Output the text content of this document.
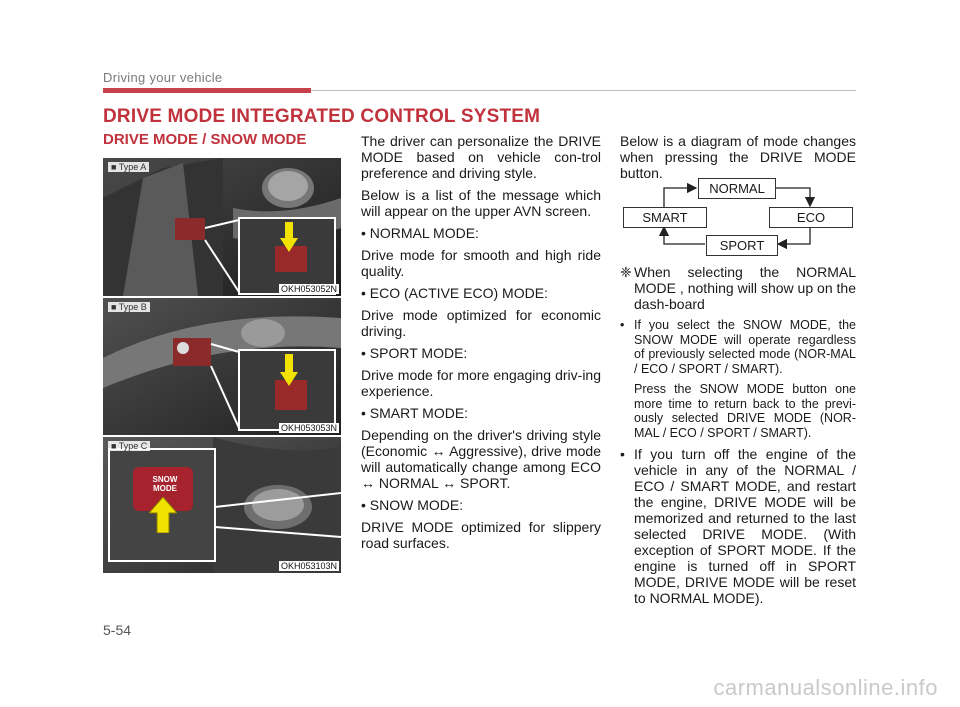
Driving your vehicle
DRIVE MODE INTEGRATED CONTROL SYSTEM
DRIVE MODE / SNOW MODE
■ Type A
OKH053052N
■ Type B
OKH053053N
■ Type C
SNOW MODE
OKH053103N

The driver can personalize the DRIVE MODE based on vehicle con-trol preference and driving style.

Below is a list of the message which will appear on the upper AVN screen.

• NORMAL MODE:

Drive mode for smooth and high ride quality.

• ECO (ACTIVE ECO) MODE:

Drive mode optimized for economic driving.

• SPORT MODE:

Drive mode for more engaging driv-ing experience.

• SMART MODE:

Depending on the driver's driving style (Economic ↔ Aggressive), drive mode will automatically change among ECO ↔ NORMAL ↔ SPORT.

• SNOW MODE:

DRIVE MODE optimized for slippery road surfaces.

Below is a diagram of mode changes when pressing the DRIVE MODE button.

NORMAL
ECO
SPORT
SMART
❈ When selecting the NORMAL MODE , nothing will show up on the dash-board
• If you select the SNOW MODE, the SNOW MODE will operate regardless of previously selected mode (NOR-MAL / ECO / SPORT / SMART).
Press the SNOW MODE button one more time to return back to the previ-ously selected DRIVE MODE (NOR-MAL / ECO / SPORT / SMART).
• If you turn off the engine of the vehicle in any of the NORMAL / ECO / SMART MODE, and restart the engine, DRIVE MODE will be memorized and returned to the last selected DRIVE MODE. (With exception of SPORT MODE. If the engine is turned off in SPORT MODE, DRIVE MODE will be reset to NORMAL MODE).
5-54
carmanualsonline.info
